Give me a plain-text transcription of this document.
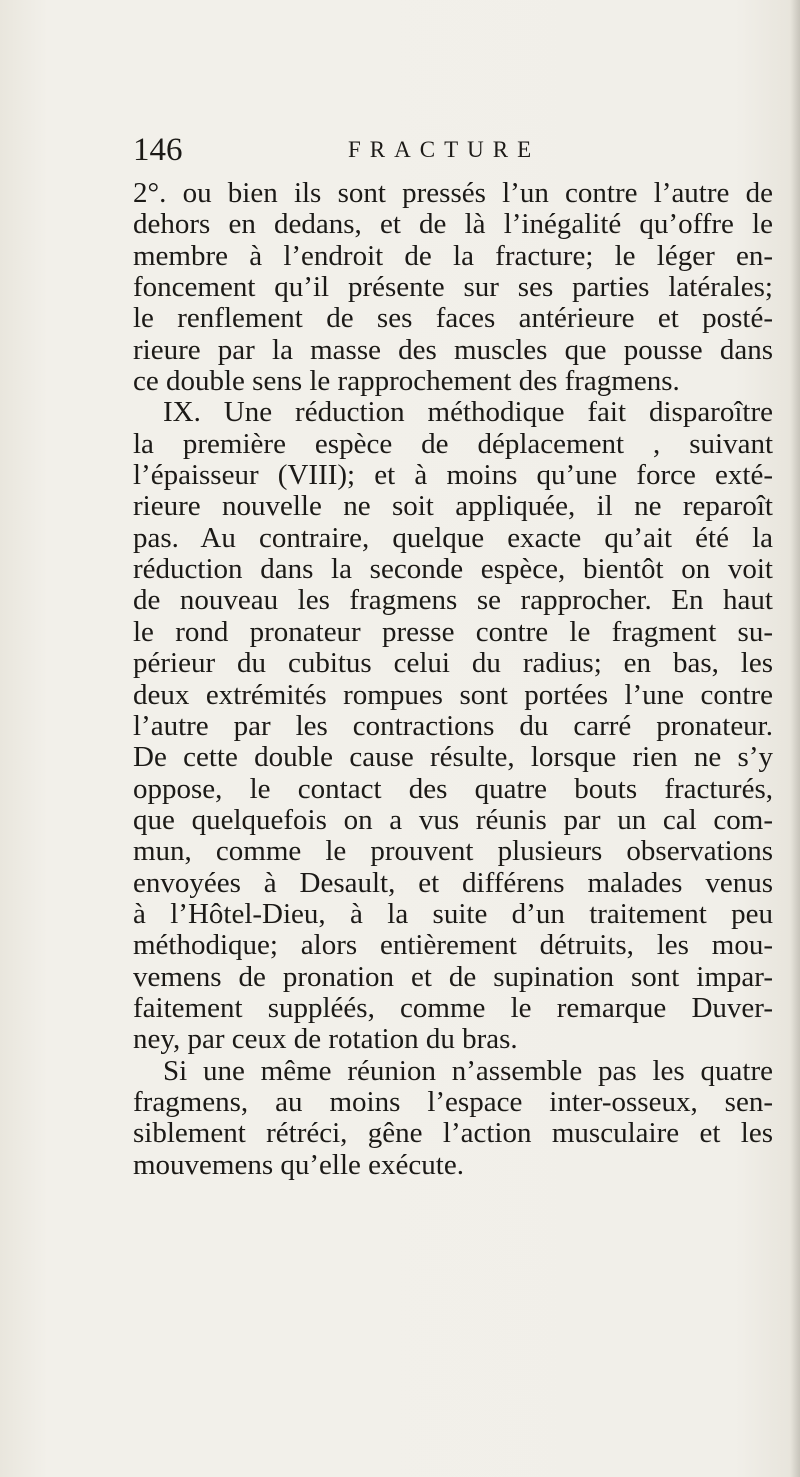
146	FRACTURE
2°. ou bien ils sont pressés l’un contre l’autre de
dehors en dedans, et de là l’inégalité qu’offre le
membre à l’endroit de la fracture; le léger en-
foncement qu’il présente sur ses parties latérales;
le renflement de ses faces antérieure et posté-
rieure par la masse des muscles que pousse dans
ce double sens le rapprochement des fragmens.
IX. Une réduction méthodique fait disparoître
la première espèce de déplacement , suivant
l’épaisseur (VIII); et à moins qu’une force exté-
rieure nouvelle ne soit appliquée, il ne reparoît
pas. Au contraire, quelque exacte qu’ait été la
réduction dans la seconde espèce, bientôt on voit
de nouveau les fragmens se rapprocher. En haut
le rond pronateur presse contre le fragment su-
périeur du cubitus celui du radius; en bas, les
deux extrémités rompues sont portées l’une contre
l’autre par les contractions du carré pronateur.
De cette double cause résulte, lorsque rien ne s’y
oppose, le contact des quatre bouts fracturés,
que quelquefois on a vus réunis par un cal com-
mun, comme le prouvent plusieurs observations
envoyées à Desault, et différens malades venus
à l’Hôtel-Dieu, à la suite d’un traitement peu
méthodique; alors entièrement détruits, les mou-
vemens de pronation et de supination sont impar-
faitement suppléés, comme le remarque Duver-
ney, par ceux de rotation du bras.
Si une même réunion n’assemble pas les quatre
fragmens, au moins l’espace inter-osseux, sen-
siblement rétréci, gêne l’action musculaire et les
mouvemens qu’elle exécute.
